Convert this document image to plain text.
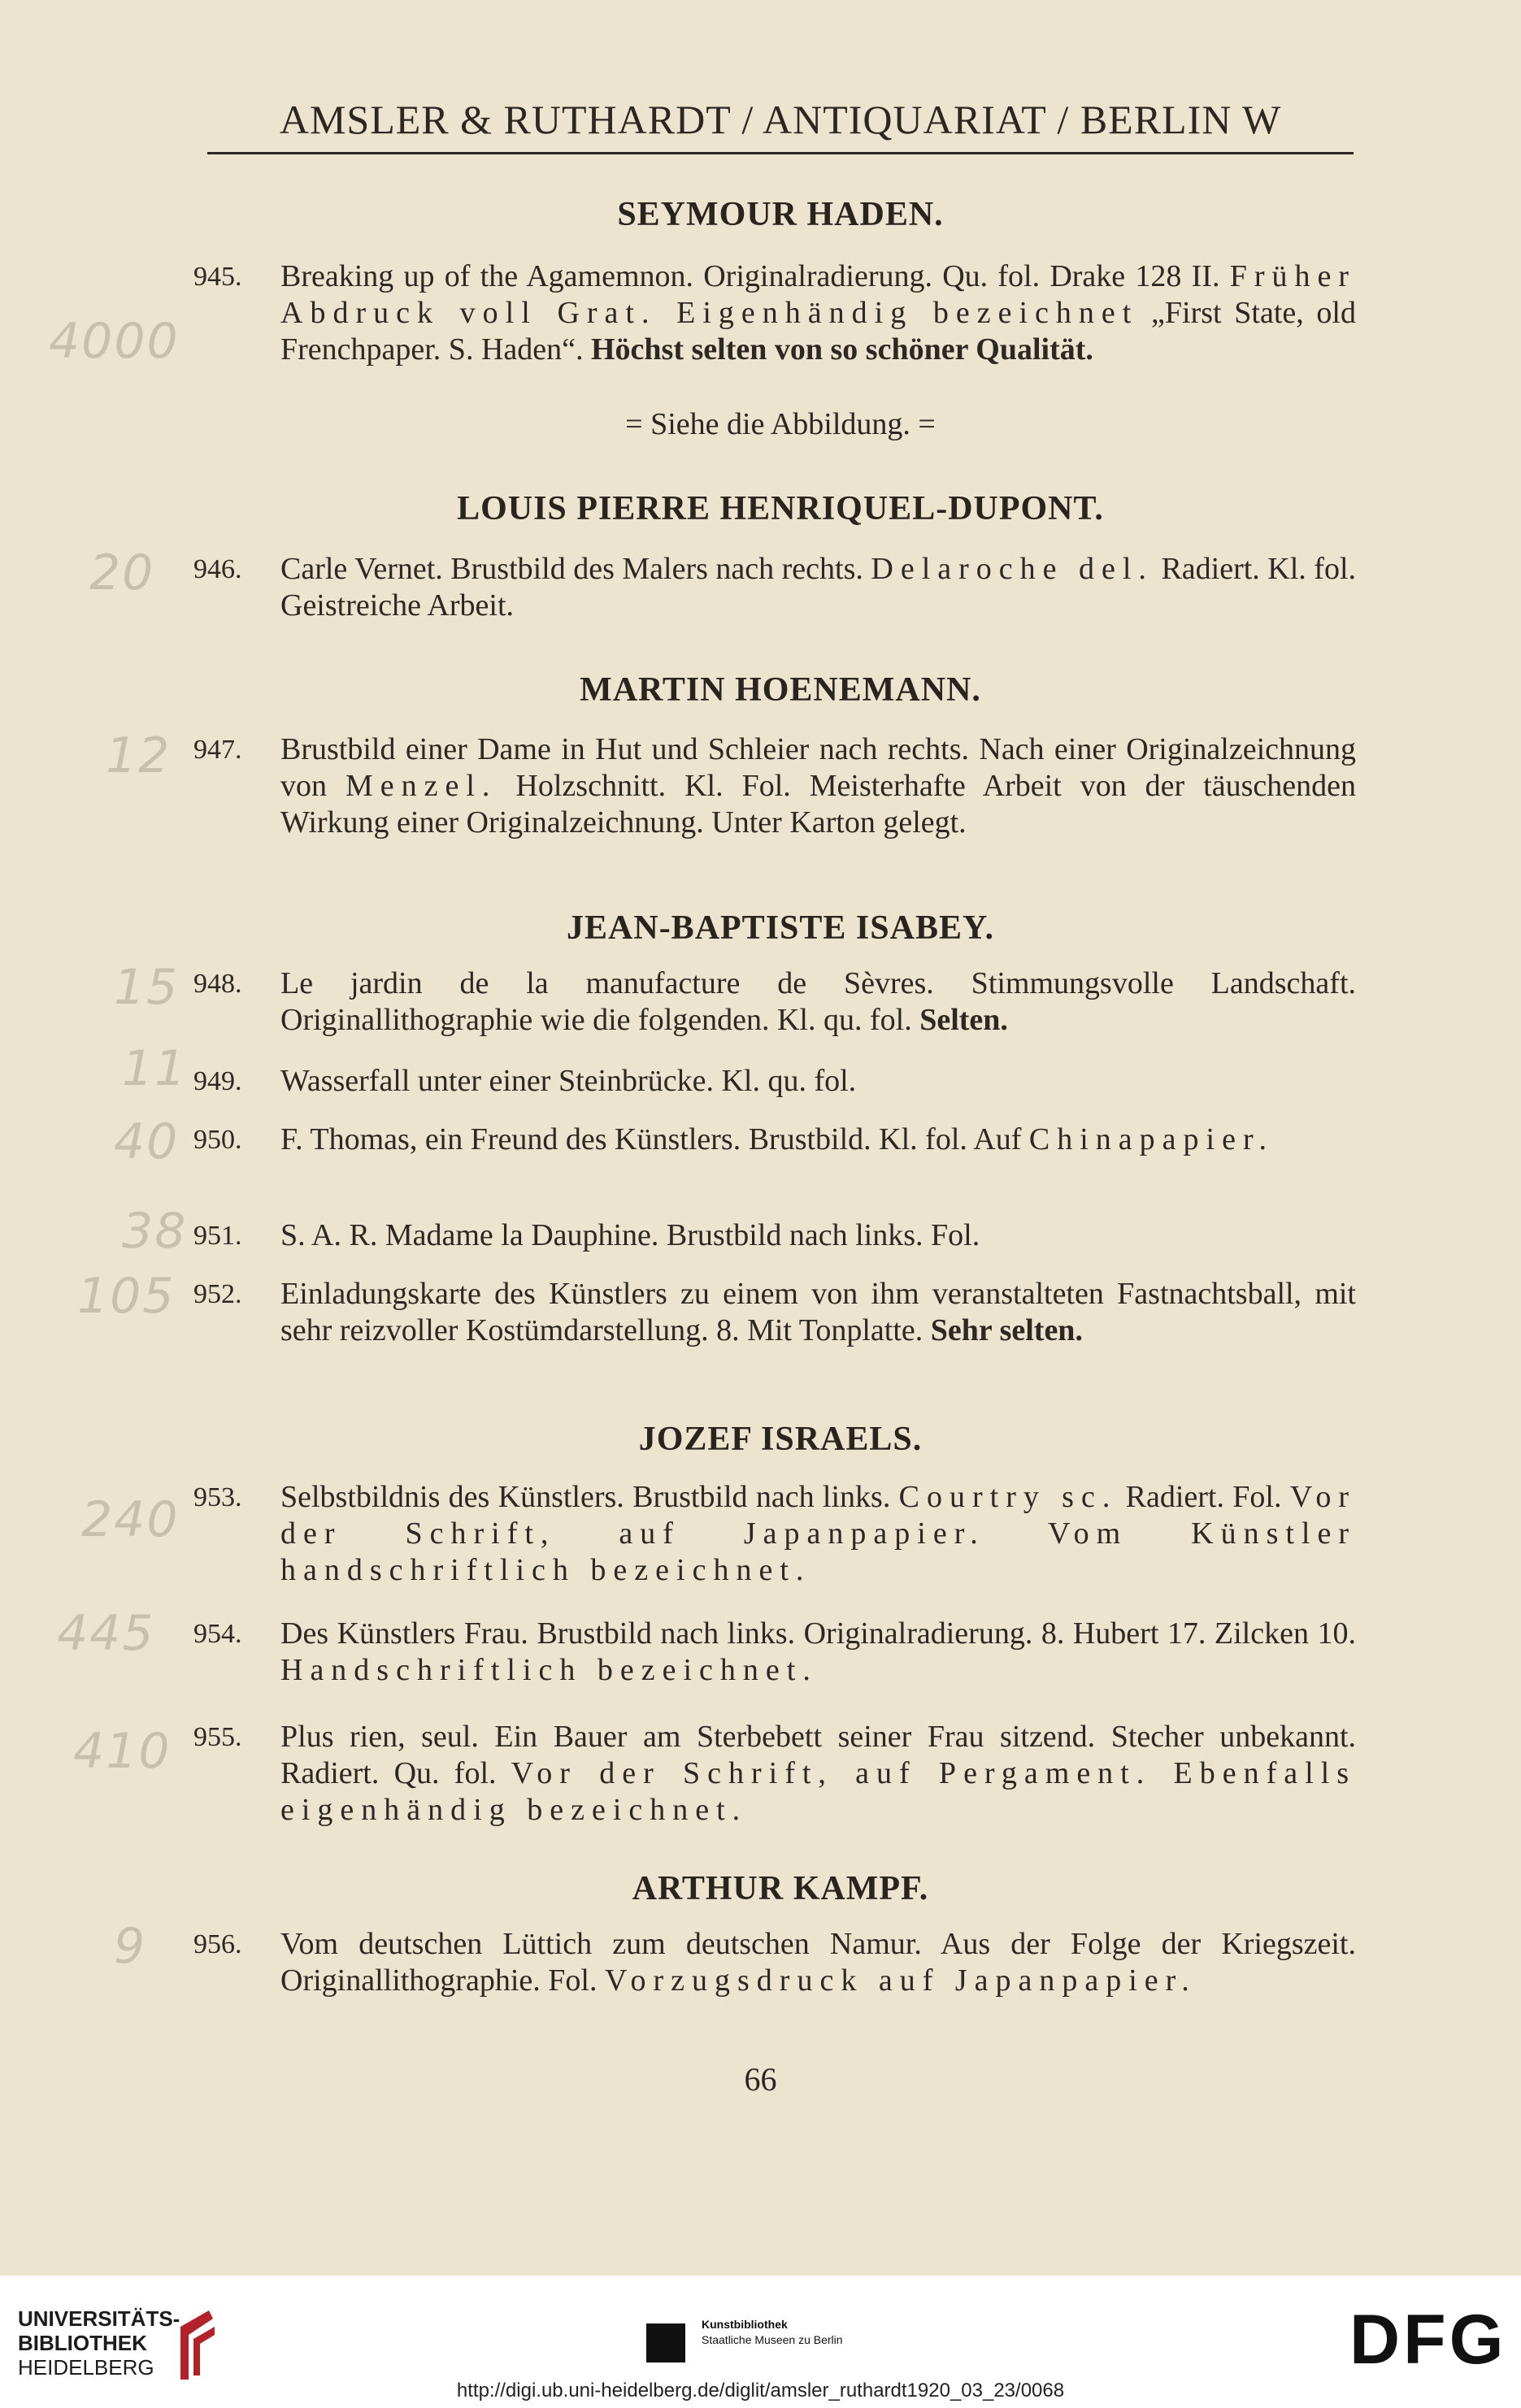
AMSLER & RUTHARDT / ANTIQUARIAT / BERLIN W
SEYMOUR HADEN.
945.	Breaking up of the Agamemnon. Originalradierung. Qu. fol. Drake 128 II. Früher Abdruck voll Grat. Eigenhändig bezeichnet „First State, old Frenchpaper. S. Haden“. Höchst selten von so schöner Qualität.
= Siehe die Abbildung. =
LOUIS PIERRE HENRIQUEL-DUPONT.
946.	Carle Vernet. Brustbild des Malers nach rechts. Delaroche del. Radiert. Kl. fol. Geistreiche Arbeit.
MARTIN HOENEMANN.
947.	Brustbild einer Dame in Hut und Schleier nach rechts. Nach einer Originalzeichnung von Menzel. Holzschnitt. Kl. Fol. Meisterhafte Arbeit von der täuschenden Wirkung einer Originalzeichnung. Unter Karton gelegt.
JEAN-BAPTISTE ISABEY.
948.	Le jardin de la manufacture de Sèvres. Stimmungsvolle Landschaft. Originallithographie wie die folgenden. Kl. qu. fol. Selten.
949.	Wasserfall unter einer Steinbrücke. Kl. qu. fol.
950.	F. Thomas, ein Freund des Künstlers. Brustbild. Kl. fol. Auf Chinapapier.
951.	S. A. R. Madame la Dauphine. Brustbild nach links. Fol.
952.	Einladungskarte des Künstlers zu einem von ihm veranstalteten Fastnachtsball, mit sehr reizvoller Kostümdarstellung. 8. Mit Tonplatte. Sehr selten.
JOZEF ISRAELS.
953.	Selbstbildnis des Künstlers. Brustbild nach links. Courtry sc. Radiert. Fol. Vor der Schrift, auf Japanpapier. Vom Künstler handschriftlich bezeichnet.
954.	Des Künstlers Frau. Brustbild nach links. Originalradierung. 8. Hubert 17. Zilcken 10. Handschriftlich bezeichnet.
955.	Plus rien, seul. Ein Bauer am Sterbebett seiner Frau sitzend. Stecher unbekannt. Radiert. Qu. fol. Vor der Schrift, auf Pergament. Ebenfalls eigenhändig bezeichnet.
ARTHUR KAMPF.
956.	Vom deutschen Lüttich zum deutschen Namur. Aus der Folge der Kriegszeit. Originallithographie. Fol. Vorzugsdruck auf Japanpapier.
4000
20
12
15
11
40
38
105
240
445
410
9
66
UNIVERSITÄTS-
BIBLIOTHEK
HEIDELBERG
Kunstbibliothek
Staatliche Museen zu Berlin	DFG
http://digi.ub.uni-heidelberg.de/diglit/amsler_ruthardt1920_03_23/0068
